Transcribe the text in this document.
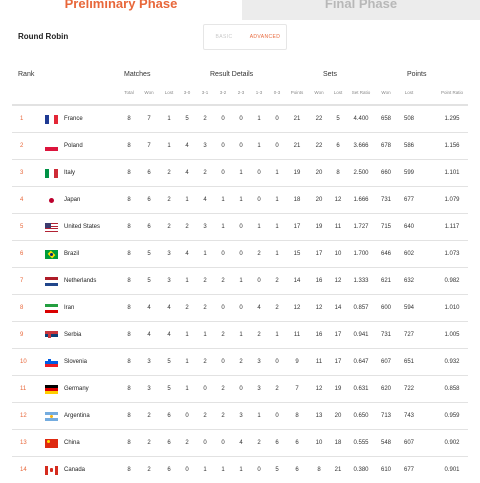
Preliminary Phase	Final Phase
Round Robin	BASIC	ADVANCED
Rank	Matches	Result Details	Sets	Points
Total	Won	Lost	3-0	3-1	3-2	2-3	1-3	0-3	Points	Won	Lost	Set Ratio	Won	Lost	Point Ratio
1	France	8	7	1	5	2	0	0	1	0	21	22	5	4.400	658	508	1.295
2	Poland	8	7	1	4	3	0	0	1	0	21	22	6	3.666	678	586	1.156
3	Italy	8	6	2	4	2	0	1	0	1	19	20	8	2.500	660	599	1.101
4	Japan	8	6	2	1	4	1	1	0	1	18	20	12	1.666	731	677	1.079
5	United States	8	6	2	2	3	1	0	1	1	17	19	11	1.727	715	640	1.117
6	Brazil	8	5	3	4	1	0	0	2	1	15	17	10	1.700	646	602	1.073
7	Netherlands	8	5	3	1	2	2	1	0	2	14	16	12	1.333	621	632	0.982
8	Iran	8	4	4	2	2	0	0	4	2	12	12	14	0.857	600	594	1.010
9	Serbia	8	4	4	1	1	2	1	2	1	11	16	17	0.941	731	727	1.005
10	Slovenia	8	3	5	1	2	0	2	3	0	9	11	17	0.647	607	651	0.932
11	Germany	8	3	5	1	0	2	0	3	2	7	12	19	0.631	620	722	0.858
12	Argentina	8	2	6	0	2	2	3	1	0	8	13	20	0.650	713	743	0.959
13	China	8	2	6	2	0	0	4	2	6	6	10	18	0.555	548	607	0.902
14	Canada	8	2	6	0	1	1	1	0	5	6	8	21	0.380	610	677	0.901
